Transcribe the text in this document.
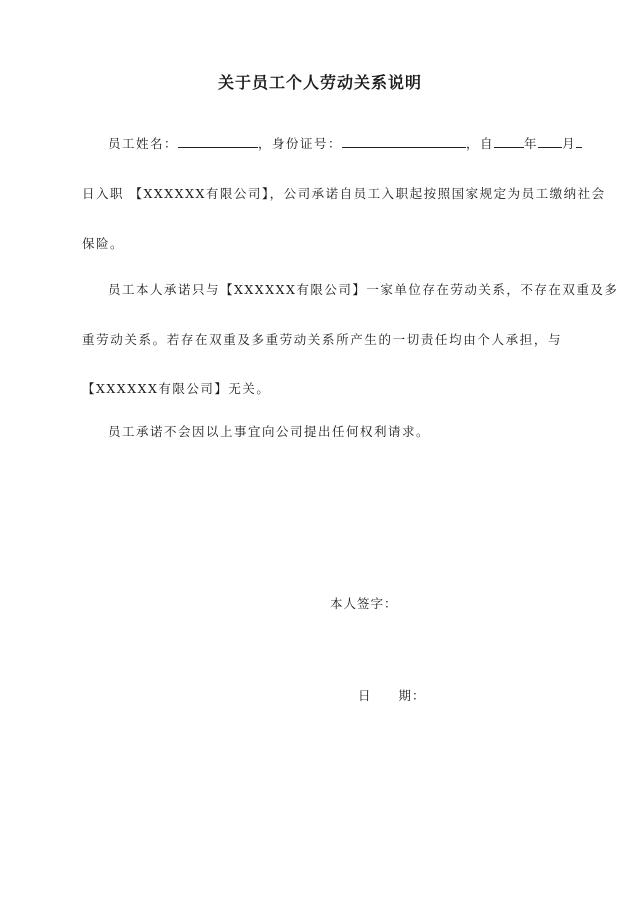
关于员工个人劳动关系说明
员工姓名：	，身份证号：	，自 年 月
日入职 【XXXXXX有限公司】，公司承诺自员工入职起按照国家规定为员工缴纳社会
保险。
员工本人承诺只与【XXXXXX有限公司】一家单位存在劳动关系，不存在双重及多
重劳动关系。若存在双重及多重劳动关系所产生的一切责任均由个人承担，与
【XXXXXX有限公司】无关。
员工承诺不会因以上事宜向公司提出任何权利请求。
本人签字：
日　　期：
